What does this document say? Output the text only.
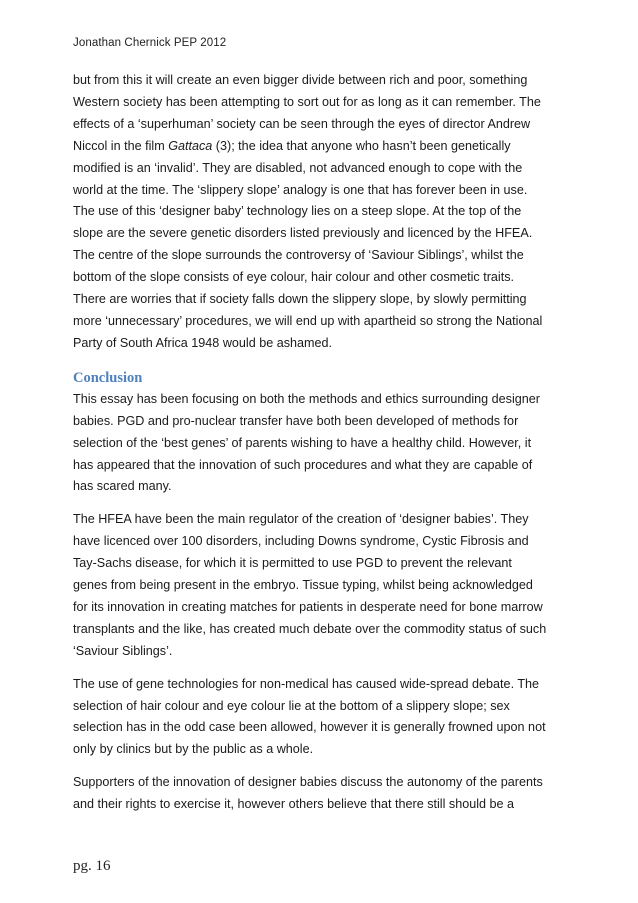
Jonathan Chernick PEP 2012
but from this it will create an even bigger divide between rich and poor, something
Western society has been attempting to sort out for as long as it can remember. The
effects of a ‘superhuman’ society can be seen through the eyes of director Andrew
Niccol in the film Gattaca (3); the idea that anyone who hasn’t been genetically
modified is an ‘invalid’. They are disabled, not advanced enough to cope with the
world at the time. The ‘slippery slope’ analogy is one that has forever been in use.
The use of this ‘designer baby’ technology lies on a steep slope. At the top of the
slope are the severe genetic disorders listed previously and licenced by the HFEA.
The centre of the slope surrounds the controversy of ‘Saviour Siblings’, whilst the
bottom of the slope consists of eye colour, hair colour and other cosmetic traits.
There are worries that if society falls down the slippery slope, by slowly permitting
more ‘unnecessary’ procedures, we will end up with apartheid so strong the National
Party of South Africa 1948 would be ashamed.
Conclusion
This essay has been focusing on both the methods and ethics surrounding designer
babies. PGD and pro-nuclear transfer have both been developed of methods for
selection of the ‘best genes’ of parents wishing to have a healthy child. However, it
has appeared that the innovation of such procedures and what they are capable of
has scared many.
The HFEA have been the main regulator of the creation of ‘designer babies’. They
have licenced over 100 disorders, including Downs syndrome, Cystic Fibrosis and
Tay-Sachs disease, for which it is permitted to use PGD to prevent the relevant
genes from being present in the embryo. Tissue typing, whilst being acknowledged
for its innovation in creating matches for patients in desperate need for bone marrow
transplants and the like, has created much debate over the commodity status of such
‘Saviour Siblings’.
The use of gene technologies for non-medical has caused wide-spread debate. The
selection of hair colour and eye colour lie at the bottom of a slippery slope; sex
selection has in the odd case been allowed, however it is generally frowned upon not
only by clinics but by the public as a whole.
Supporters of the innovation of designer babies discuss the autonomy of the parents
and their rights to exercise it, however others believe that there still should be a
pg. 16
